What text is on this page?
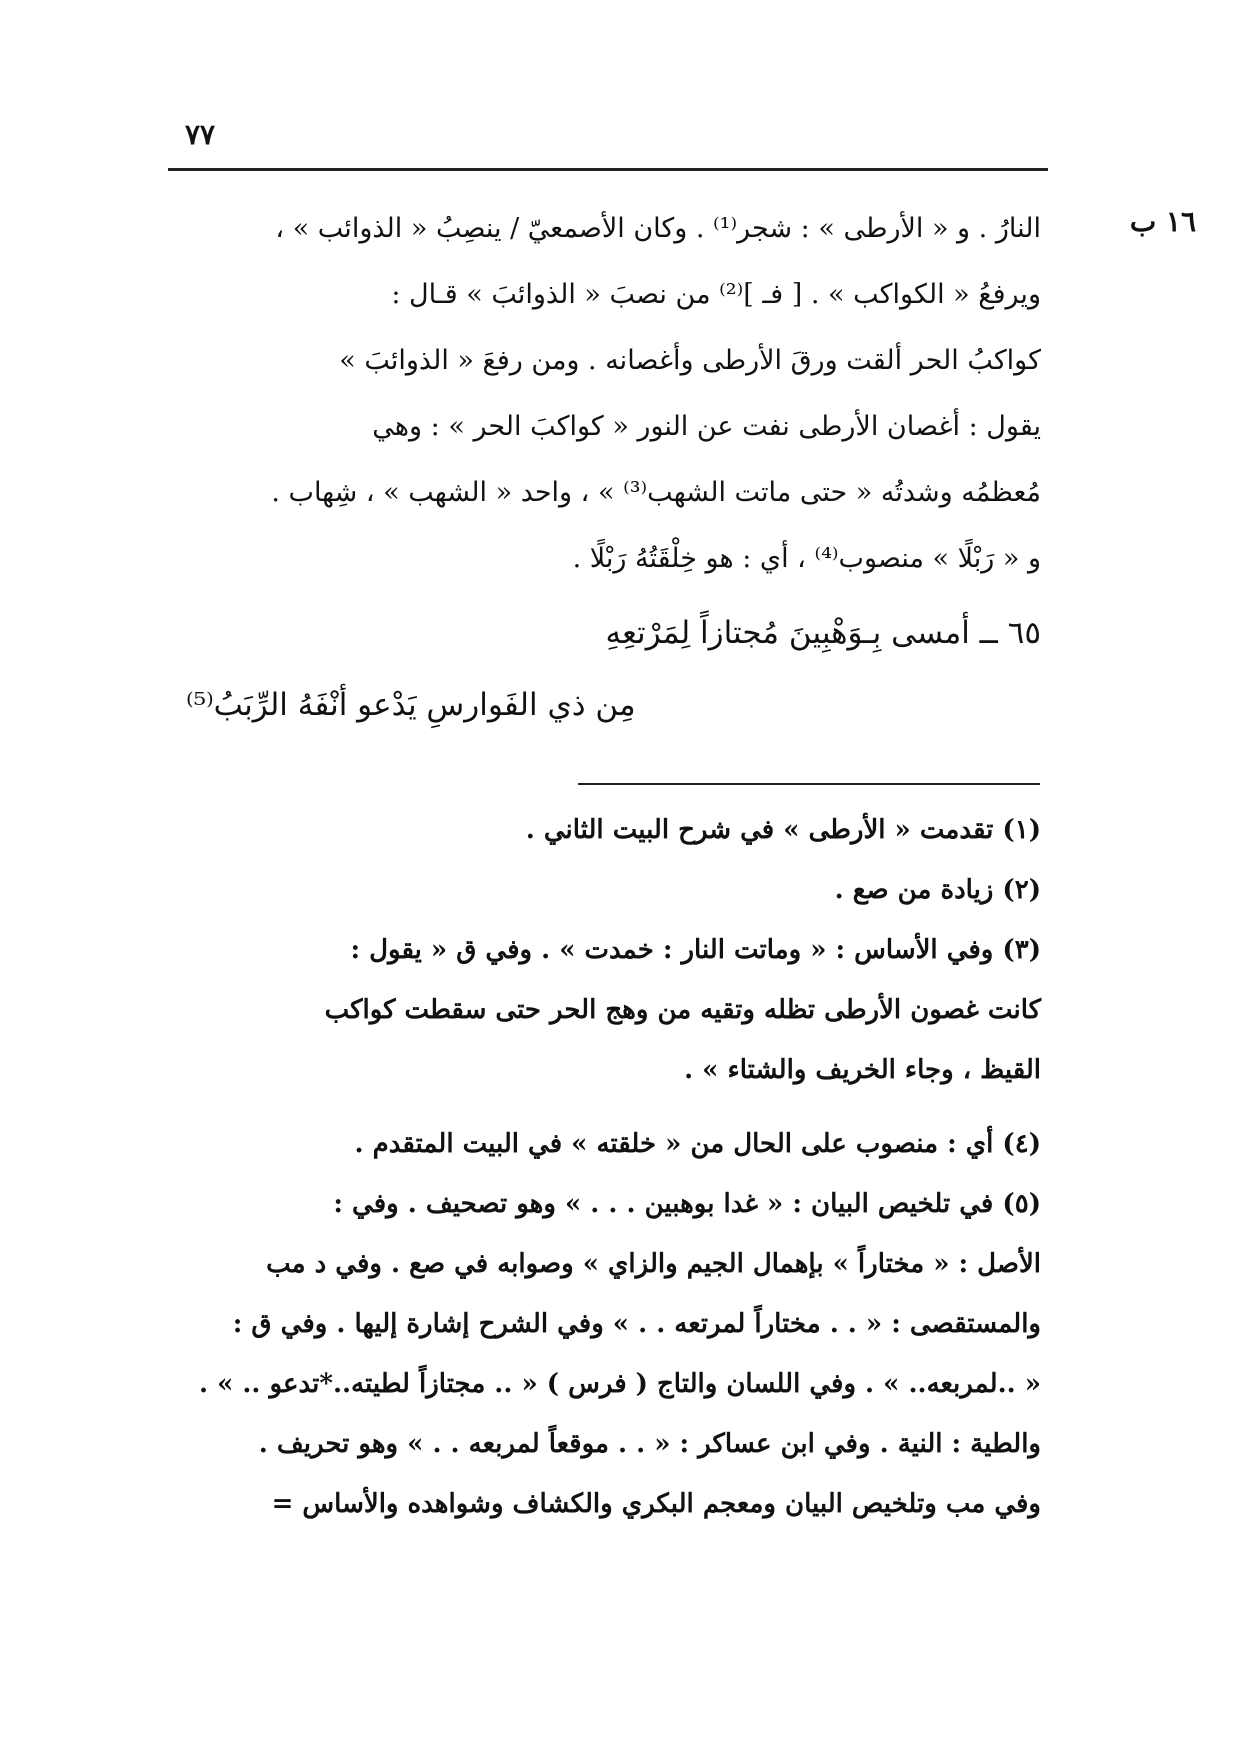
٧٧
١٦ ب

النارُ . و « الأرطى » : شجر⁽¹⁾ . وكان الأصمعيّ / ينصِبُ « الذوائب » ،

ويرفعُ « الكواكب » . [ فـ ]⁽²⁾ من نصبَ « الذوائبَ » قـال :

كواكبُ الحر ألقت ورقَ الأرطى وأغصانه . ومن رفعَ « الذوائبَ »

يقول : أغصان الأرطى نفت عن النور « كواكبَ الحر » : وهي

مُعظمُه وشدتُه « حتى ماتت الشهب⁽³⁾ » ، واحد « الشهب » ، شِهاب .

و « رَبْلًا » منصوب⁽⁴⁾ ، أي : هو خِلْقَتُهُ رَبْلًا .

٦٥ ــ أمسى بِـوَهْبِينَ مُجتازاً لِمَرْتعِهِ
مِن ذي الفَوارسِ يَدْعو أنْفَهُ الرِّبَبُ⁽⁵⁾

(١) تقدمت « الأرطى » في شرح البيت الثاني .

(٢) زيادة من صع .

(٣) وفي الأساس : « وماتت النار : خمدت » . وفي ق « يقول :

كانت غصون الأرطى تظله وتقيه من وهج الحر حتى سقطت كواكب

القيظ ، وجاء الخريف والشتاء » .

(٤) أي : منصوب على الحال من « خلقته » في البيت المتقدم .

(٥) في تلخيص البيان : « غدا بوهبين . . . » وهو تصحيف . وفي :

الأصل : « مختاراً » بإهمال الجيم والزاي » وصوابه في صع . وفي د مب

والمستقصى : « . . مختاراً لمرتعه . . » وفي الشرح إشارة إليها . وفي ق :

« ..لمربعه.. » . وفي اللسان والتاج ( فرس ) « .. مجتازاً لطيته..*تدعو .. » .

والطية : النية . وفي ابن عساكر : « . . موقعاً لمربعه . . » وهو تحريف .

وفي مب وتلخيص البيان ومعجم البكري والكشاف وشواهده والأساس =
